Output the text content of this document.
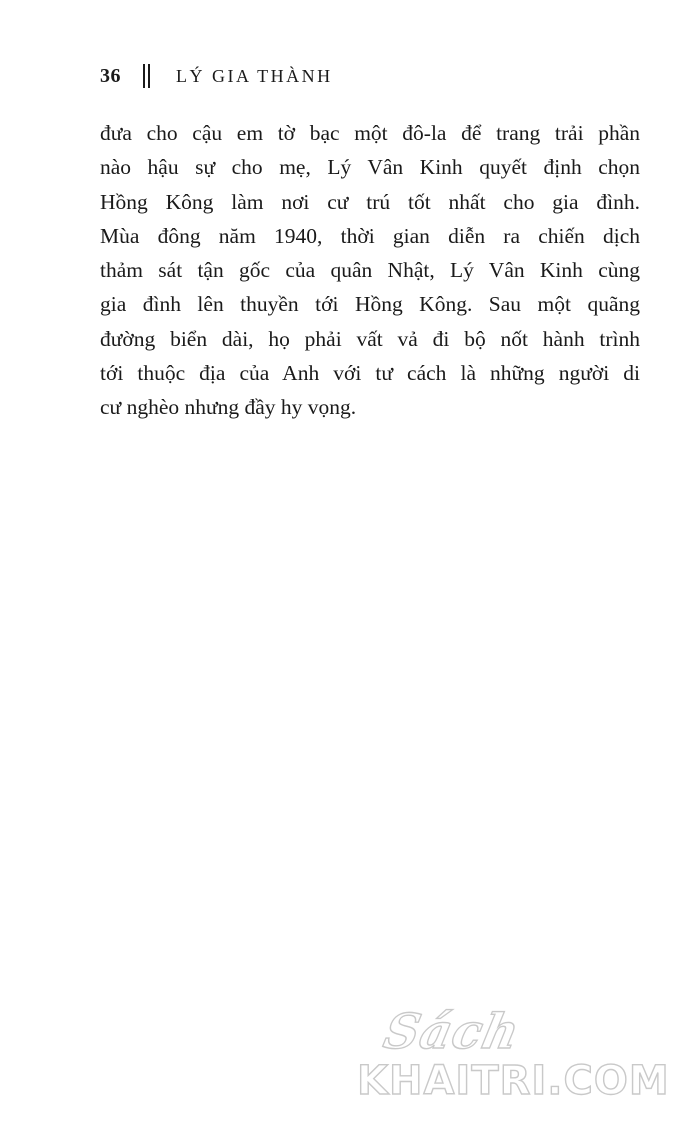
36	LÝ GIA THÀNH

đưa cho cậu em tờ bạc một đô-la để trang trải phần
nào hậu sự cho mẹ, Lý Vân Kinh quyết định chọn
Hồng Kông làm nơi cư trú tốt nhất cho gia đình.
Mùa đông năm 1940, thời gian diễn ra chiến dịch
thảm sát tận gốc của quân Nhật, Lý Vân Kinh cùng
gia đình lên thuyền tới Hồng Kông. Sau một quãng
đường biển dài, họ phải vất vả đi bộ nốt hành trình
tới thuộc địa của Anh với tư cách là những người di
cư nghèo nhưng đầy hy vọng.

Sách
KHAITRI.COM
